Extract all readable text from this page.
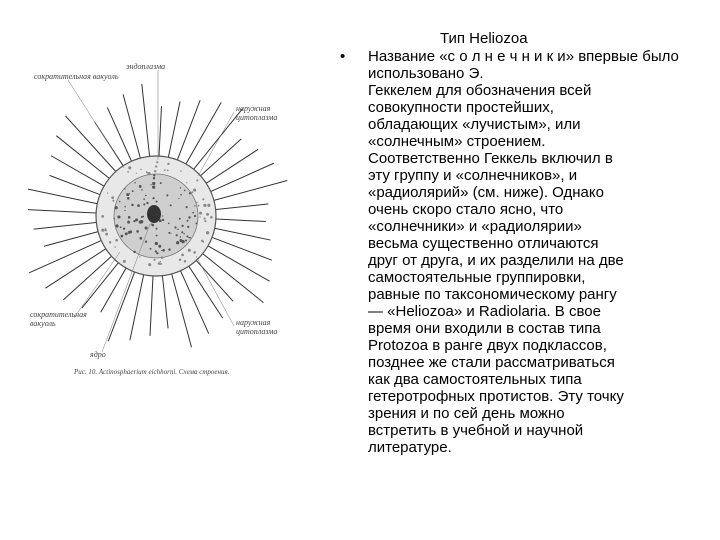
сократительная вакуоль
эндоплазма
наружная
цитоплазма
сократительная
вакуоль	наружная
цитоплазма
ядро
Рис. 10. Actinosphaerium eichhorni. Схема строения.
Тип Heliozoa
• Название «с о л н е ч н и к и» впервые было использовано Э.
Геккелем для обозначения всей
совокупности простейших,
обладающих «лучистым», или
«солнечным» строением.
Соответственно Геккель включил в
эту группу и «солнечников», и
«радиолярий» (см. ниже). Однако
очень скоро стало ясно, что
«солнечники» и «радиолярии»
весьма существенно отличаются
друг от друга, и их разделили на две
самостоятельные группировки,
равные по таксономическому рангу
— «Heliozoa» и Radiolaria. В свое
время они входили в состав типа
Protozoa в ранге двух подклассов,
позднее же стали рассматриваться
как два самостоятельных типа
гетеротрофных протистов. Эту точку
зрения и по сей день можно
встретить в учебной и научной
литературе.
